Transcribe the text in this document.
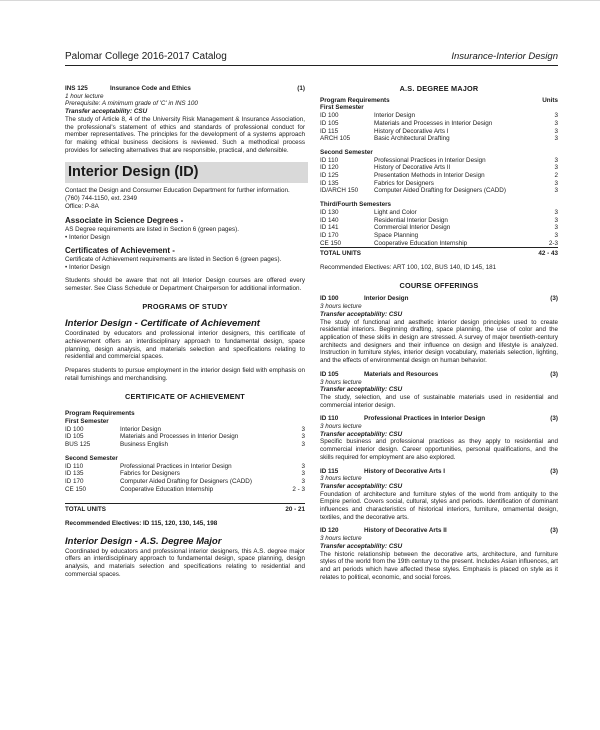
Palomar College 2016-2017 Catalog	Insurance-Interior Design
INS 125	Insurance Code and Ethics	(1)
1 hour lecture
Prerequisite: A minimum grade of 'C' in INS 100
Transfer acceptability: CSU
The study of Article 8, 4 of the University Risk Management & Insurance Association, the professional's statement of ethics and standards of professional conduct for member representatives. The principles for the development of a systems approach for making ethical business decisions is reviewed. Such a methodical process provides for selecting alternatives that are responsible, practical, and defensible.
Interior Design (ID)
Contact the Design and Consumer Education Department for further information.
(760) 744-1150, ext. 2349
Office: P-8A
Associate in Science Degrees -
AS Degree requirements are listed in Section 6 (green pages).
• Interior Design
Certificates of Achievement -
Certificate of Achievement requirements are listed in Section 6 (green pages).
• Interior Design
Students should be aware that not all Interior Design courses are offered every semester. See Class Schedule or Department Chairperson for additional information.
PROGRAMS OF STUDY
Interior Design - Certificate of Achievement
Coordinated by educators and professional interior designers, this certificate of achievement offers an interdisciplinary approach to fundamental design, space planning, design analysis, and materials selection and specifications relating to residential and commercial spaces.
Prepares students to pursue employment in the interior design field with emphasis on retail furnishings and merchandising.
CERTIFICATE OF ACHIEVEMENT
Program Requirements
First Semester
ID 100	Interior Design	3
ID 105	Materials and Processes in Interior Design	3
BUS 125	Business English	3
Second Semester
ID 110	Professional Practices in Interior Design	3
ID 135	Fabrics for Designers	3
ID 170	Computer Aided Drafting for Designers (CADD)	3
CE 150	Cooperative Education Internship	2 - 3
TOTAL UNITS	20 - 21
Recommended Electives: ID 115, 120, 130, 145, 198
Interior Design - A.S. Degree Major
Coordinated by educators and professional interior designers, this A.S. degree major offers an interdisciplinary approach to fundamental design, space planning, design analysis, and materials selection and specifications relating to residential and commercial spaces.
A.S. DEGREE MAJOR
Program Requirements	Units
First Semester
ID 100	Interior Design	3
ID 105	Materials and Processes in Interior Design	3
ID 115	History of Decorative Arts I	3
ARCH 105	Basic Architectural Drafting	3
Second Semester
ID 110	Professional Practices in Interior Design	3
ID 120	History of Decorative Arts II	3
ID 125	Presentation Methods in Interior Design	2
ID 135	Fabrics for Designers	3
ID/ARCH 150	Computer Aided Drafting for Designers (CADD)	3
Third/Fourth Semesters
ID 130	Light and Color	3
ID 140	Residential Interior Design	3
ID 141	Commercial Interior Design	3
ID 170	Space Planning	3
CE 150	Cooperative Education Internship	2-3
TOTAL UNITS	42 - 43
Recommended Electives: ART 100, 102, BUS 140, ID 145, 181
COURSE OFFERINGS
ID 100	Interior Design	(3)
3 hours lecture
Transfer acceptability: CSU
The study of functional and aesthetic interior design principles used to create residential interiors. Beginning drafting, space planning, the use of color and the application of these skills in design are stressed. A survey of major twentieth-century architects and designers and their influence on design and lifestyle is analyzed. Instruction in furniture styles, interior design vocabulary, materials selection, lighting, and the effects of environmental design on human behavior.
ID 105	Materials and Resources	(3)
3 hours lecture
Transfer acceptability: CSU
The study, selection, and use of sustainable materials used in residential and commercial interior design.
ID 110	Professional Practices in Interior Design	(3)
3 hours lecture
Transfer acceptability: CSU
Specific business and professional practices as they apply to residential and commercial interior design. Career opportunities, personal qualifications, and the skills required for employment are also explored.
ID 115	History of Decorative Arts I	(3)
3 hours lecture
Transfer acceptability: CSU
Foundation of architecture and furniture styles of the world from antiquity to the Empire period. Covers social, cultural, styles and periods. Identification of dominant influences and characteristics of historical interiors, furniture, ornamental design, textiles, and the decorative arts.
ID 120	History of Decorative Arts II	(3)
3 hours lecture
Transfer acceptability: CSU
The historic relationship between the decorative arts, architecture, and furniture styles of the world from the 19th century to the present. Includes Asian influences, art and art periods which have affected these styles. Emphasis is placed on style as it relates to political, economic, and social forces.
